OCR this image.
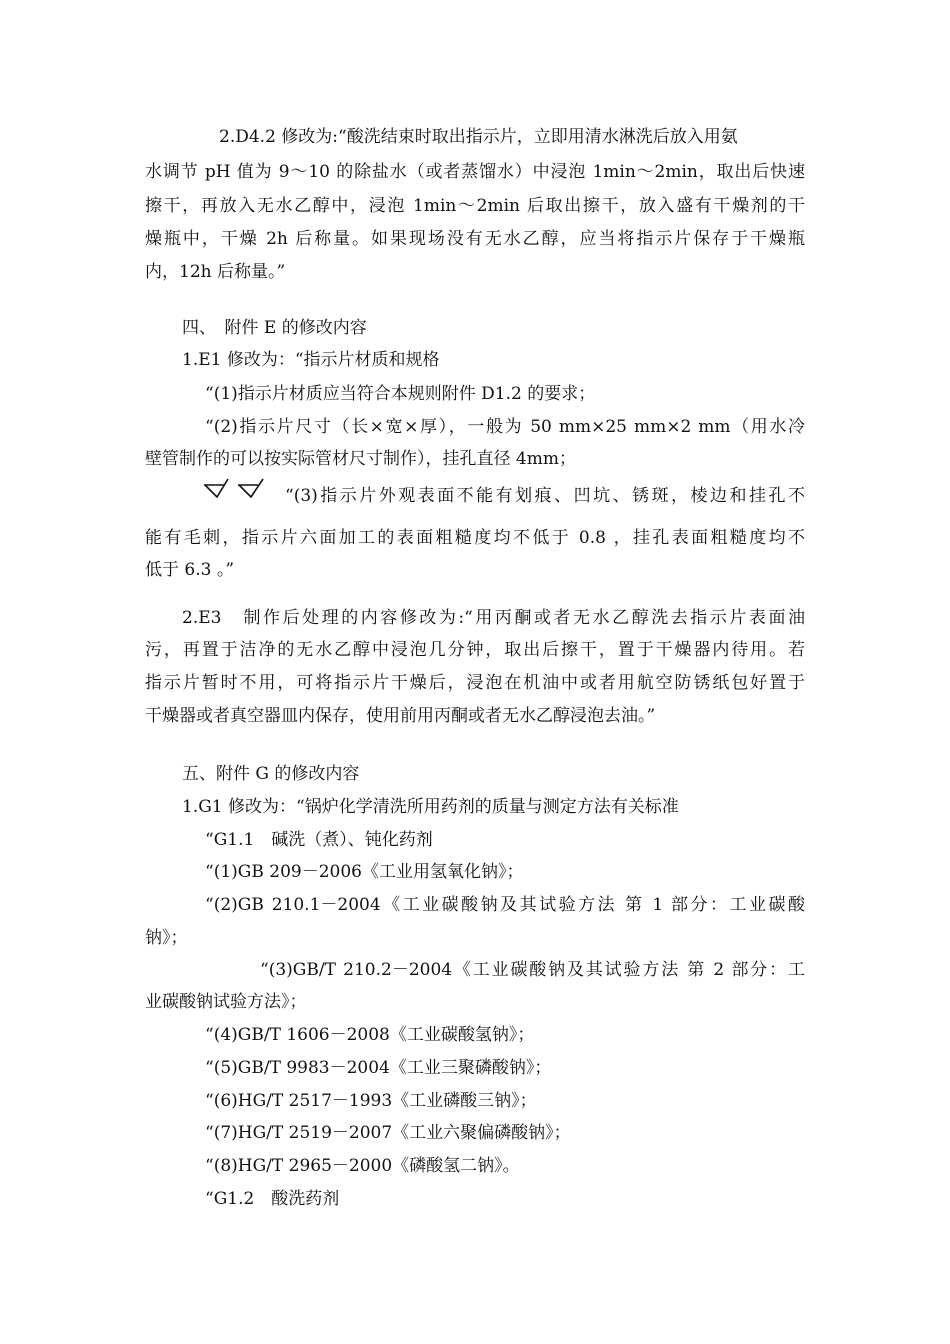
2.D4.2 修改为:“酸洗结束时取出指示片，立即用清水淋洗后放入用氨
水调节 pH 值为 9～10 的除盐水（或者蒸馏水）中浸泡 1min～2min，取出后快速
擦干，再放入无水乙醇中，浸泡 1min～2min 后取出擦干，放入盛有干燥剂的干
燥瓶中，干燥 2h 后称量。如果现场没有无水乙醇，应当将指示片保存于干燥瓶
内，12h 后称量。”
四、　附件 E 的修改内容
1.E1 修改为：“指示片材质和规格
“(1)指示片材质应当符合本规则附件 D1.2 的要求；
“(2)指示片尺寸（长×宽×厚），一般为 50 mm×25 mm×2 mm（用水冷
壁管制作的可以按实际管材尺寸制作），挂孔直径 4mm；
“(3)指示片外观表面不能有划痕、凹坑、锈斑，棱边和挂孔不
能有毛刺，指示片六面加工的表面粗糙度均不低于 0.8 ，挂孔表面粗糙度均不
低于 6.3 。”
2.E3　制作后处理的内容修改为:“用丙酮或者无水乙醇洗去指示片表面油
污，再置于洁净的无水乙醇中浸泡几分钟，取出后擦干，置于干燥器内待用。若
指示片暂时不用，可将指示片干燥后，浸泡在机油中或者用航空防锈纸包好置于
干燥器或者真空器皿内保存，使用前用丙酮或者无水乙醇浸泡去油。”
五、附件 G 的修改内容
1.G1 修改为：“锅炉化学清洗所用药剂的质量与测定方法有关标准
“G1.1　碱洗（煮）、钝化药剂
“(1)GB 209－2006《工业用氢氧化钠》；
“(2)GB 210.1－2004《工业碳酸钠及其试验方法 第 1 部分：工业碳酸
钠》；
“(3)GB/T 210.2－2004《工业碳酸钠及其试验方法 第 2 部分：工
业碳酸钠试验方法》；
“(4)GB/T 1606－2008《工业碳酸氢钠》；
“(5)GB/T 9983－2004《工业三聚磷酸钠》；
“(6)HG/T 2517－1993《工业磷酸三钠》；
“(7)HG/T 2519－2007《工业六聚偏磷酸钠》；
“(8)HG/T 2965－2000《磷酸氢二钠》。
“G1.2　酸洗药剂
